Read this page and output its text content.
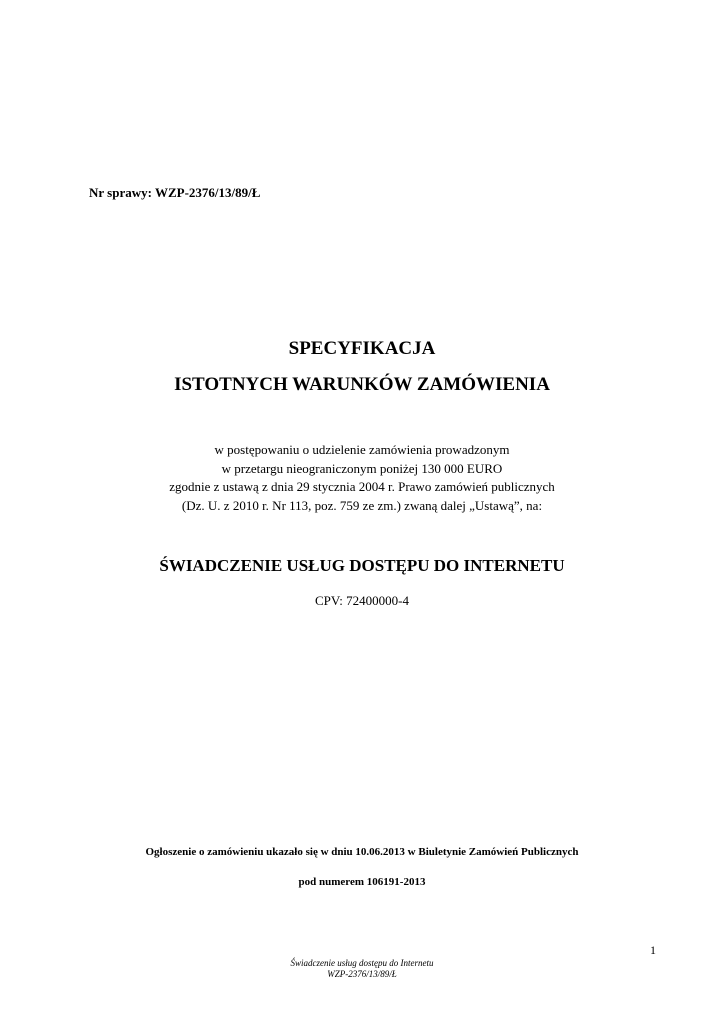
Nr sprawy: WZP-2376/13/89/Ł
SPECYFIKACJA
ISTOTNYCH WARUNKÓW ZAMÓWIENIA
w postępowaniu o udzielenie zamówienia prowadzonym
w przetargu nieograniczonym poniżej 130 000 EURO
zgodnie z ustawą z dnia 29 stycznia 2004 r. Prawo zamówień publicznych
(Dz. U. z 2010 r. Nr 113, poz. 759 ze zm.) zwaną dalej „Ustawą”, na:
ŚWIADCZENIE USŁUG DOSTĘPU DO INTERNETU
CPV: 72400000-4
Ogłoszenie o zamówieniu ukazało się w dniu 10.06.2013 w Biuletynie Zamówień Publicznych
pod numerem 106191-2013
1
Świadczenie usług dostępu do Internetu
WZP-2376/13/89/Ł
